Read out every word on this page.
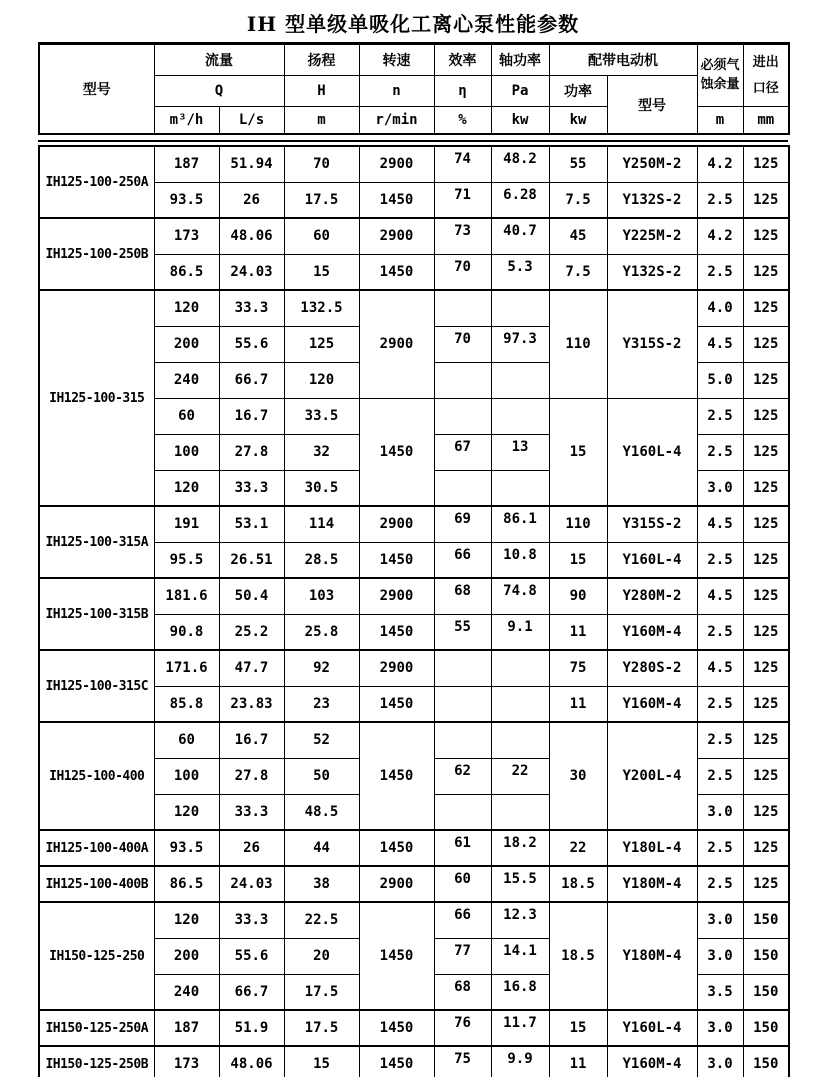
IH 型单级单吸化工离心泵性能参数
型号	流量		扬程	转速	效率	轴功率	配带电动机		必须气蚀余量	进出口径
	Q		H	n	η	Pa	功率	型号		
	m³/h	L/s	m	r/min	%	kw	kw		m	mm
IH125-100-250A	187	51.94	70	2900	74	48.2	55	Y250M-2	4.2	125
	93.5	26	17.5	1450	71	6.28	7.5	Y132S-2	2.5	125
IH125-100-250B	173	48.06	60	2900	73	40.7	45	Y225M-2	4.2	125
	86.5	24.03	15	1450	70	5.3	7.5	Y132S-2	2.5	125
IH125-100-315	120	33.3	132.5	2900			110	Y315S-2	4.0	125
	200	55.6	125		70	97.3			4.5	125
	240	66.7	120						5.0	125
	60	16.7	33.5	1450			15	Y160L-4	2.5	125
	100	27.8	32		67	13			2.5	125
	120	33.3	30.5						3.0	125
IH125-100-315A	191	53.1	114	2900	69	86.1	110	Y315S-2	4.5	125
	95.5	26.51	28.5	1450	66	10.8	15	Y160L-4	2.5	125
IH125-100-315B	181.6	50.4	103	2900	68	74.8	90	Y280M-2	4.5	125
	90.8	25.2	25.8	1450	55	9.1	11	Y160M-4	2.5	125
IH125-100-315C	171.6	47.7	92	2900			75	Y280S-2	4.5	125
	85.8	23.83	23	1450			11	Y160M-4	2.5	125
IH125-100-400	60	16.7	52	1450			30	Y200L-4	2.5	125
	100	27.8	50		62	22			2.5	125
	120	33.3	48.5						3.0	125
IH125-100-400A	93.5	26	44	1450	61	18.2	22	Y180L-4	2.5	125
IH125-100-400B	86.5	24.03	38	2900	60	15.5	18.5	Y180M-4	2.5	125
IH150-125-250	120	33.3	22.5	1450	66	12.3	18.5	Y180M-4	3.0	150
	200	55.6	20		77	14.1			3.0	150
	240	66.7	17.5		68	16.8			3.5	150
IH150-125-250A	187	51.9	17.5	1450	76	11.7	15	Y160L-4	3.0	150
IH150-125-250B	173	48.06	15	1450	75	9.9	11	Y160M-4	3.0	150
